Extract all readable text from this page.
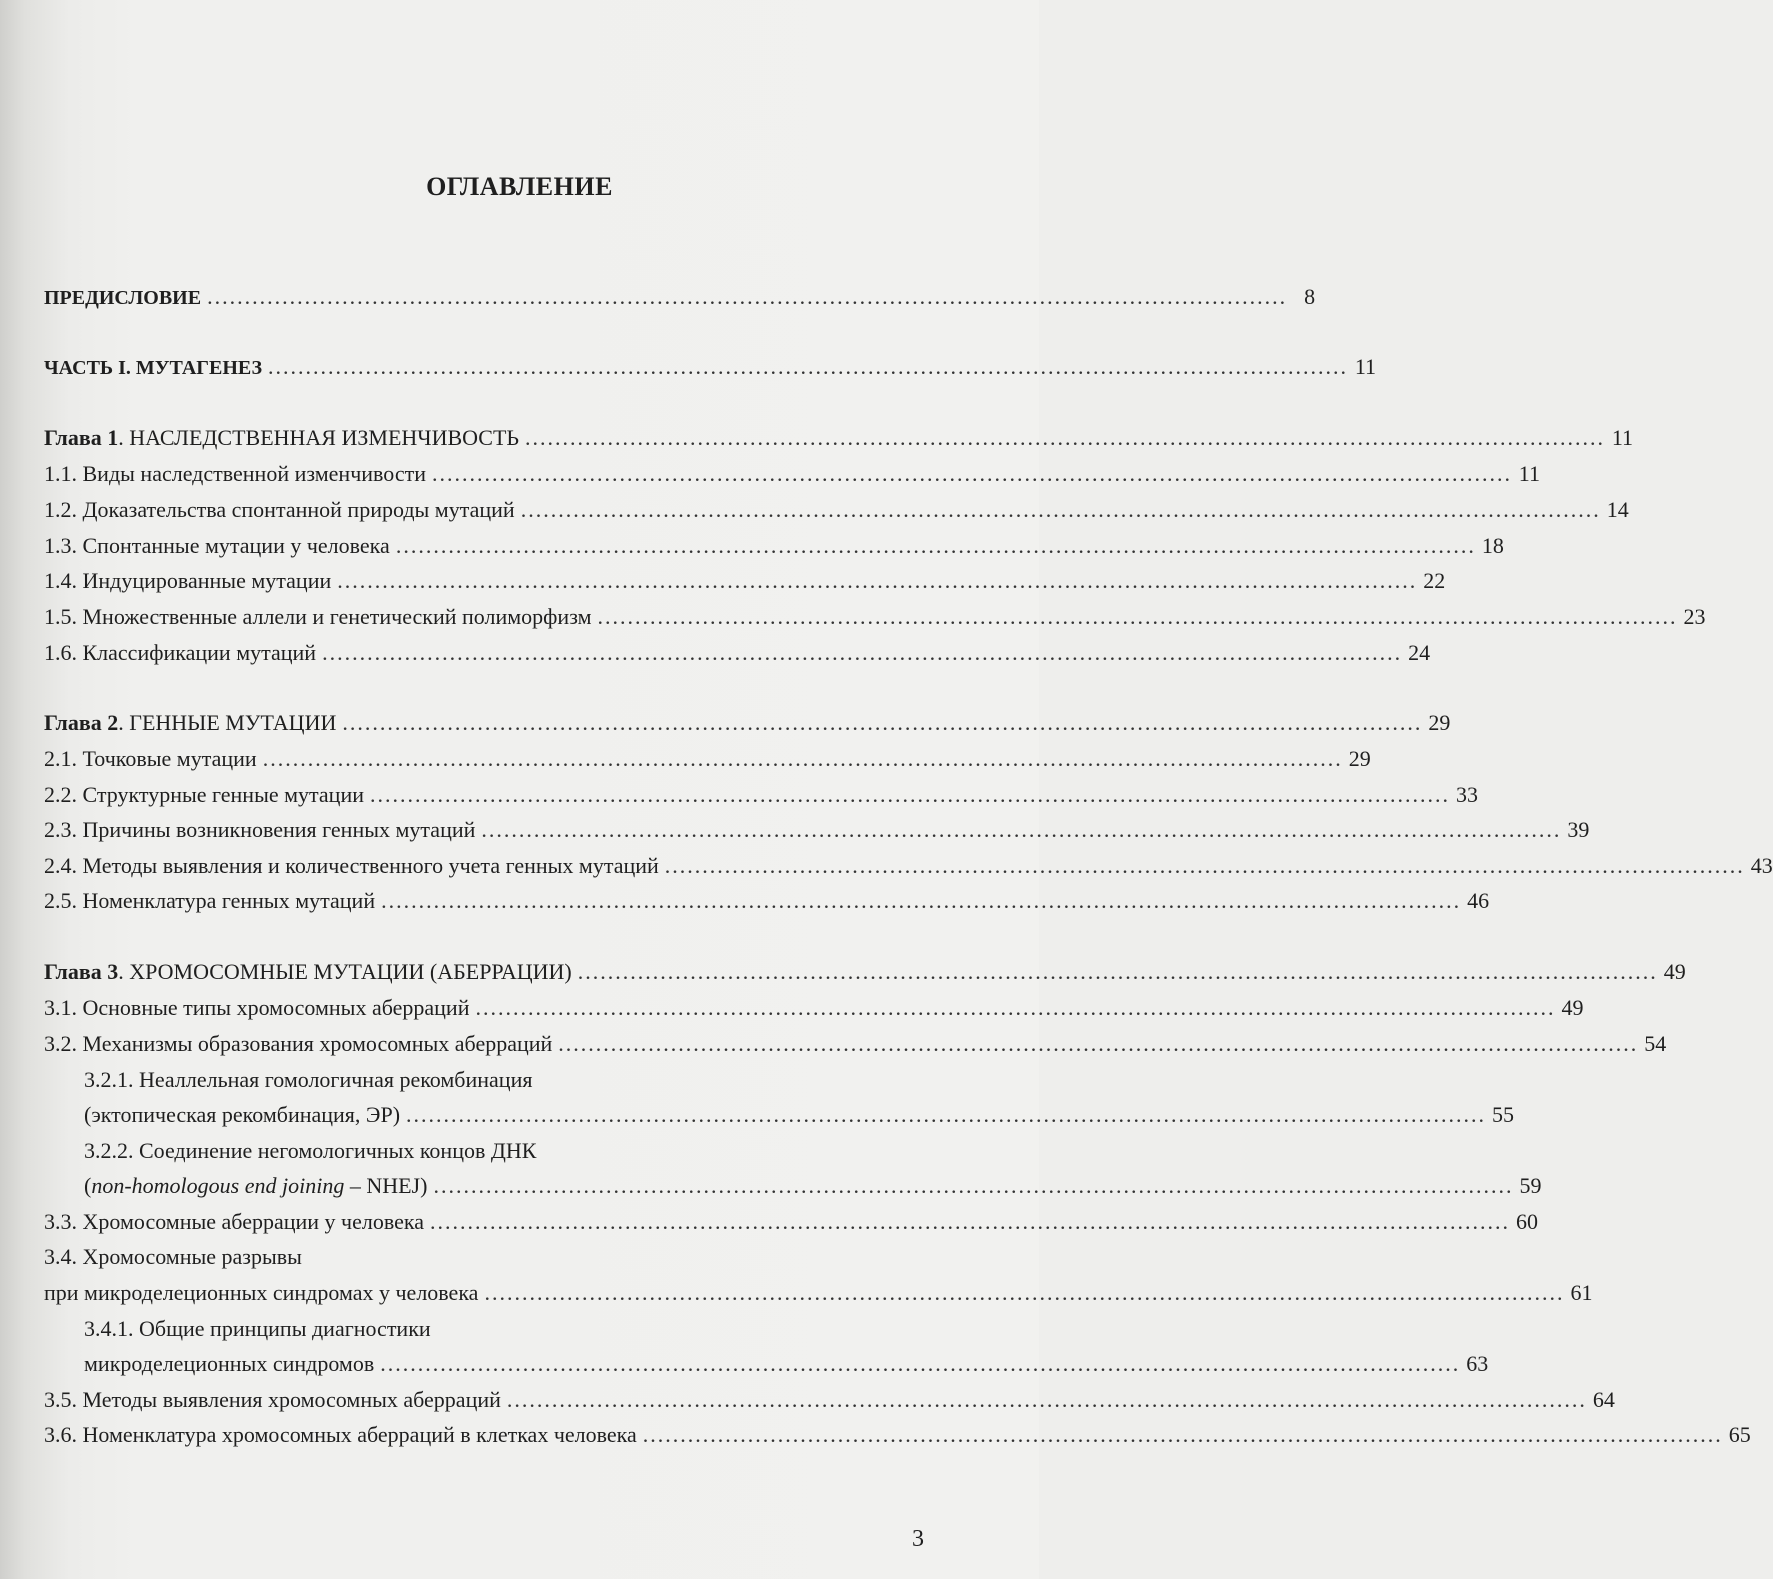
ОГЛАВЛЕНИЕ
ПРЕДИСЛОВИЕ ................................................................................................................................................ 8
ЧАСТЬ I. МУТАГЕНЕЗ ................................................................................................................................................ 11
Глава 1. НАСЛЕДСТВЕННАЯ ИЗМЕНЧИВОСТЬ ................................................................................................................................................ 11
1.1. Виды наследственной изменчивости ................................................................................................................................................ 11
1.2. Доказательства спонтанной природы мутаций ................................................................................................................................................ 14
1.3. Спонтанные мутации у человека ................................................................................................................................................ 18
1.4. Индуцированные мутации ................................................................................................................................................ 22
1.5. Множественные аллели и генетический полиморфизм ................................................................................................................................................ 23
1.6. Классификации мутаций ................................................................................................................................................ 24
Глава 2. ГЕННЫЕ МУТАЦИИ ................................................................................................................................................ 29
2.1. Точковые мутации ................................................................................................................................................ 29
2.2. Структурные генные мутации ................................................................................................................................................ 33
2.3. Причины возникновения генных мутаций ................................................................................................................................................ 39
2.4. Методы выявления и количественного учета генных мутаций ................................................................................................................................................ 43
2.5. Номенклатура генных мутаций ................................................................................................................................................ 46
Глава 3. ХРОМОСОМНЫЕ МУТАЦИИ (АБЕРРАЦИИ) ................................................................................................................................................ 49
3.1. Основные типы хромосомных аберраций ................................................................................................................................................ 49
3.2. Механизмы образования хромосомных аберраций ................................................................................................................................................ 54
3.2.1. Неаллельная гомологичная рекомбинация
(эктопическая рекомбинация, ЭР) ................................................................................................................................................ 55
3.2.2. Соединение негомологичных концов ДНК
(non-homologous end joining – NHEJ) ................................................................................................................................................ 59
3.3. Хромосомные аберрации у человека ................................................................................................................................................ 60
3.4. Хромосомные разрывы
при микроделеционных синдромах у человека ................................................................................................................................................ 61
3.4.1. Общие принципы диагностики
микроделеционных синдромов ................................................................................................................................................ 63
3.5. Методы выявления хромосомных аберраций ................................................................................................................................................ 64
3.6. Номенклатура хромосомных аберраций в клетках человека ................................................................................................................................................ 65
3
